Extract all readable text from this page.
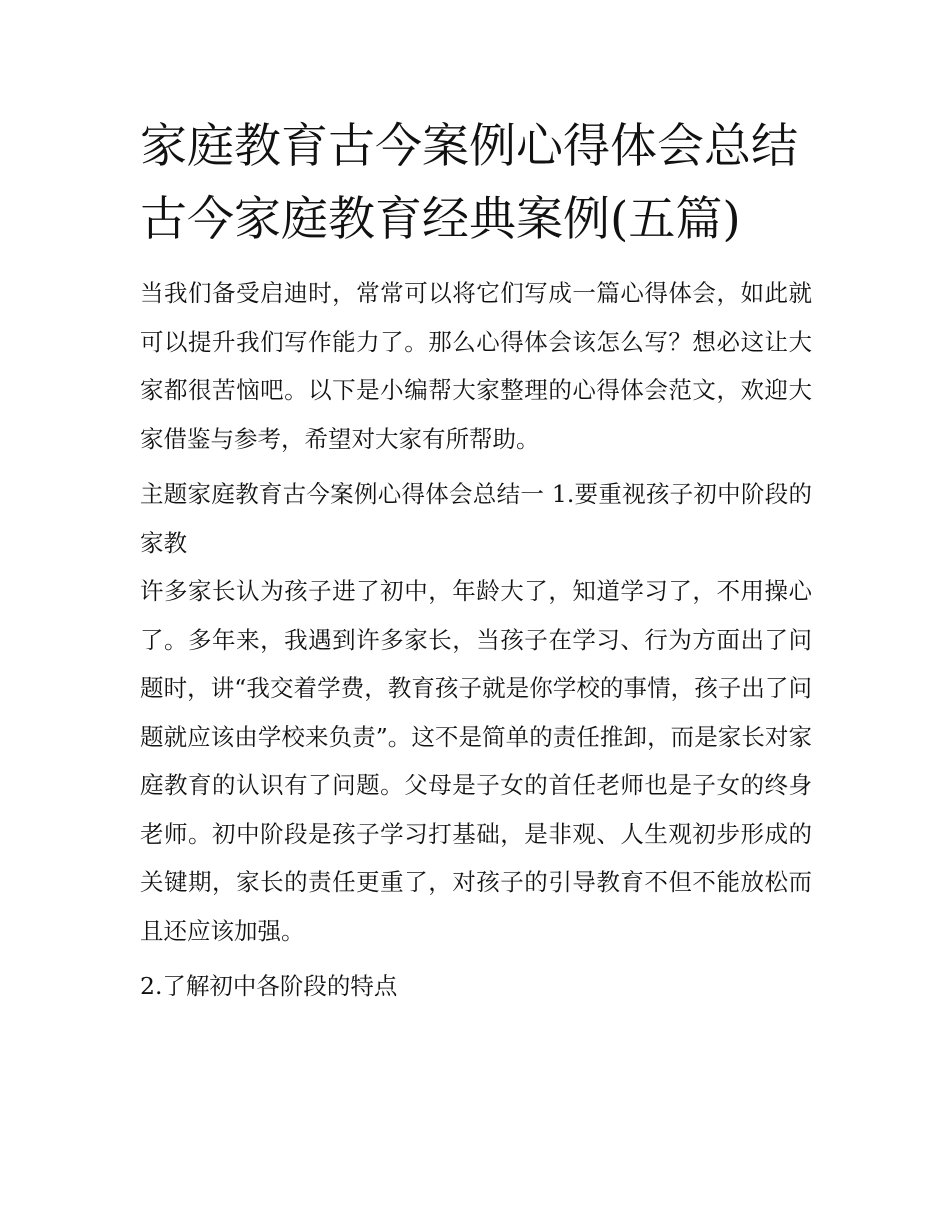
家庭教育古今案例心得体会总结 古今家庭教育经典案例(五篇)

当我们备受启迪时，常常可以将它们写成一篇心得体会，如此就可以提升我们写作能力了。那么心得体会该怎么写？想必这让大家都很苦恼吧。以下是小编帮大家整理的心得体会范文，欢迎大家借鉴与参考，希望对大家有所帮助。

主题家庭教育古今案例心得体会总结一 1.要重视孩子初中阶段的家教

许多家长认为孩子进了初中，年龄大了，知道学习了，不用操心了。多年来，我遇到许多家长，当孩子在学习、行为方面出了问题时，讲“我交着学费，教育孩子就是你学校的事情，孩子出了问题就应该由学校来负责”。这不是简单的责任推卸，而是家长对家庭教育的认识有了问题。父母是子女的首任老师也是子女的终身老师。初中阶段是孩子学习打基础，是非观、人生观初步形成的关键期，家长的责任更重了，对孩子的引导教育不但不能放松而且还应该加强。

2.了解初中各阶段的特点
